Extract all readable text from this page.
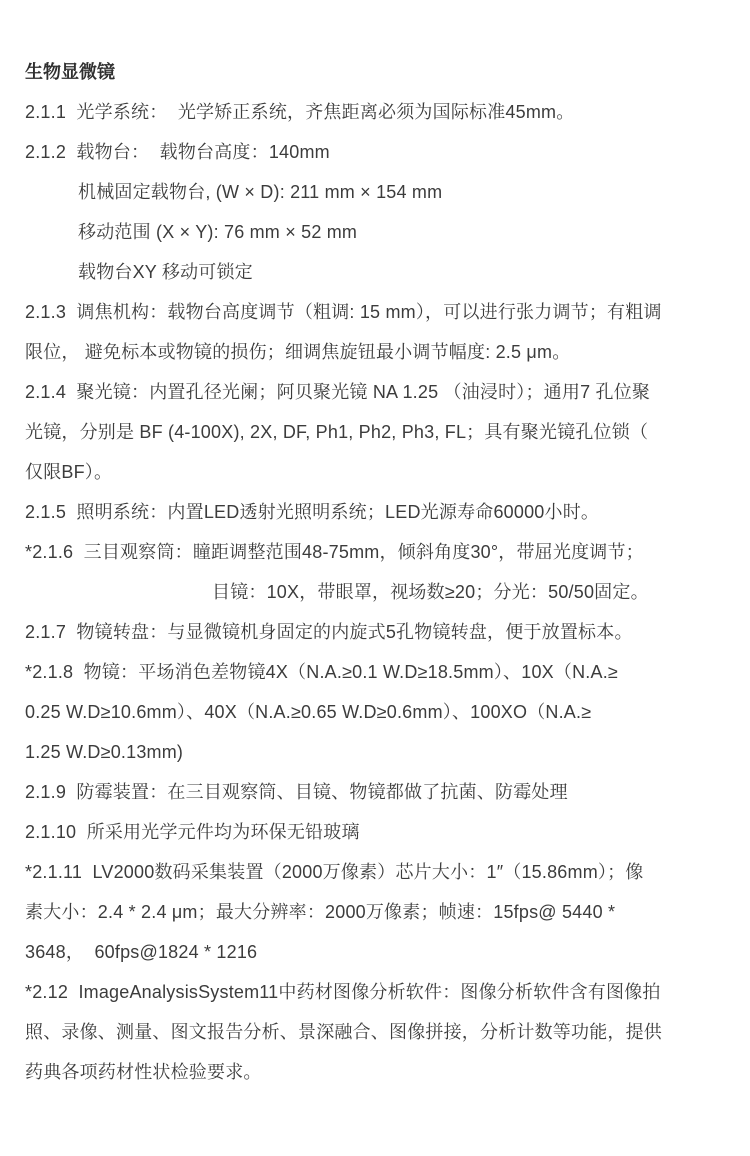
生物显微镜
2.1.1  光学系统：  光学矫正系统，齐焦距离必须为国际标准45mm。
2.1.2  载物台：  载物台高度：140mm
机械固定载物台, (W × D): 211 mm × 154 mm
移动范围 (X × Y): 76 mm × 52 mm
载物台XY 移动可锁定
2.1.3  调焦机构：载物台高度调节（粗调: 15 mm），可以进行张力调节；有粗调
限位， 避免标本或物镜的损伤；细调焦旋钮最小调节幅度: 2.5 μm。
2.1.4  聚光镜：内置孔径光阑；阿贝聚光镜 NA 1.25 （油浸时）；通用7 孔位聚
光镜，分别是 BF (4-100X), 2X, DF, Ph1, Ph2, Ph3, FL；具有聚光镜孔位锁（
仅限BF）。
2.1.5  照明系统：内置LED透射光照明系统；LED光源寿命60000小时。
*2.1.6  三目观察筒：瞳距调整范围48-75mm，倾斜角度30°，带屈光度调节；
目镜：10X，带眼罩，视场数≥20；分光：50/50固定。
2.1.7  物镜转盘：与显微镜机身固定的内旋式5孔物镜转盘，便于放置标本。
*2.1.8  物镜：平场消色差物镜4X（N.A.≥0.1 W.D≥18.5mm）、10X（N.A.≥
0.25 W.D≥10.6mm）、40X（N.A.≥0.65 W.D≥0.6mm）、100XO（N.A.≥
1.25 W.D≥0.13mm)
2.1.9  防霉装置：在三目观察筒、目镜、物镜都做了抗菌、防霉处理
2.1.10  所采用光学元件均为环保无铅玻璃
*2.1.11  LV2000数码采集装置（2000万像素）芯片大小：1″（15.86mm）；像
素大小：2.4 * 2.4 μm；最大分辨率：2000万像素；帧速：15fps@ 5440 *
3648，  60fps@1824 * 1216
*2.12  ImageAnalysisSystem11中药材图像分析软件：图像分析软件含有图像拍
照、录像、测量、图文报告分析、景深融合、图像拼接，分析计数等功能，提供
药典各项药材性状检验要求。
